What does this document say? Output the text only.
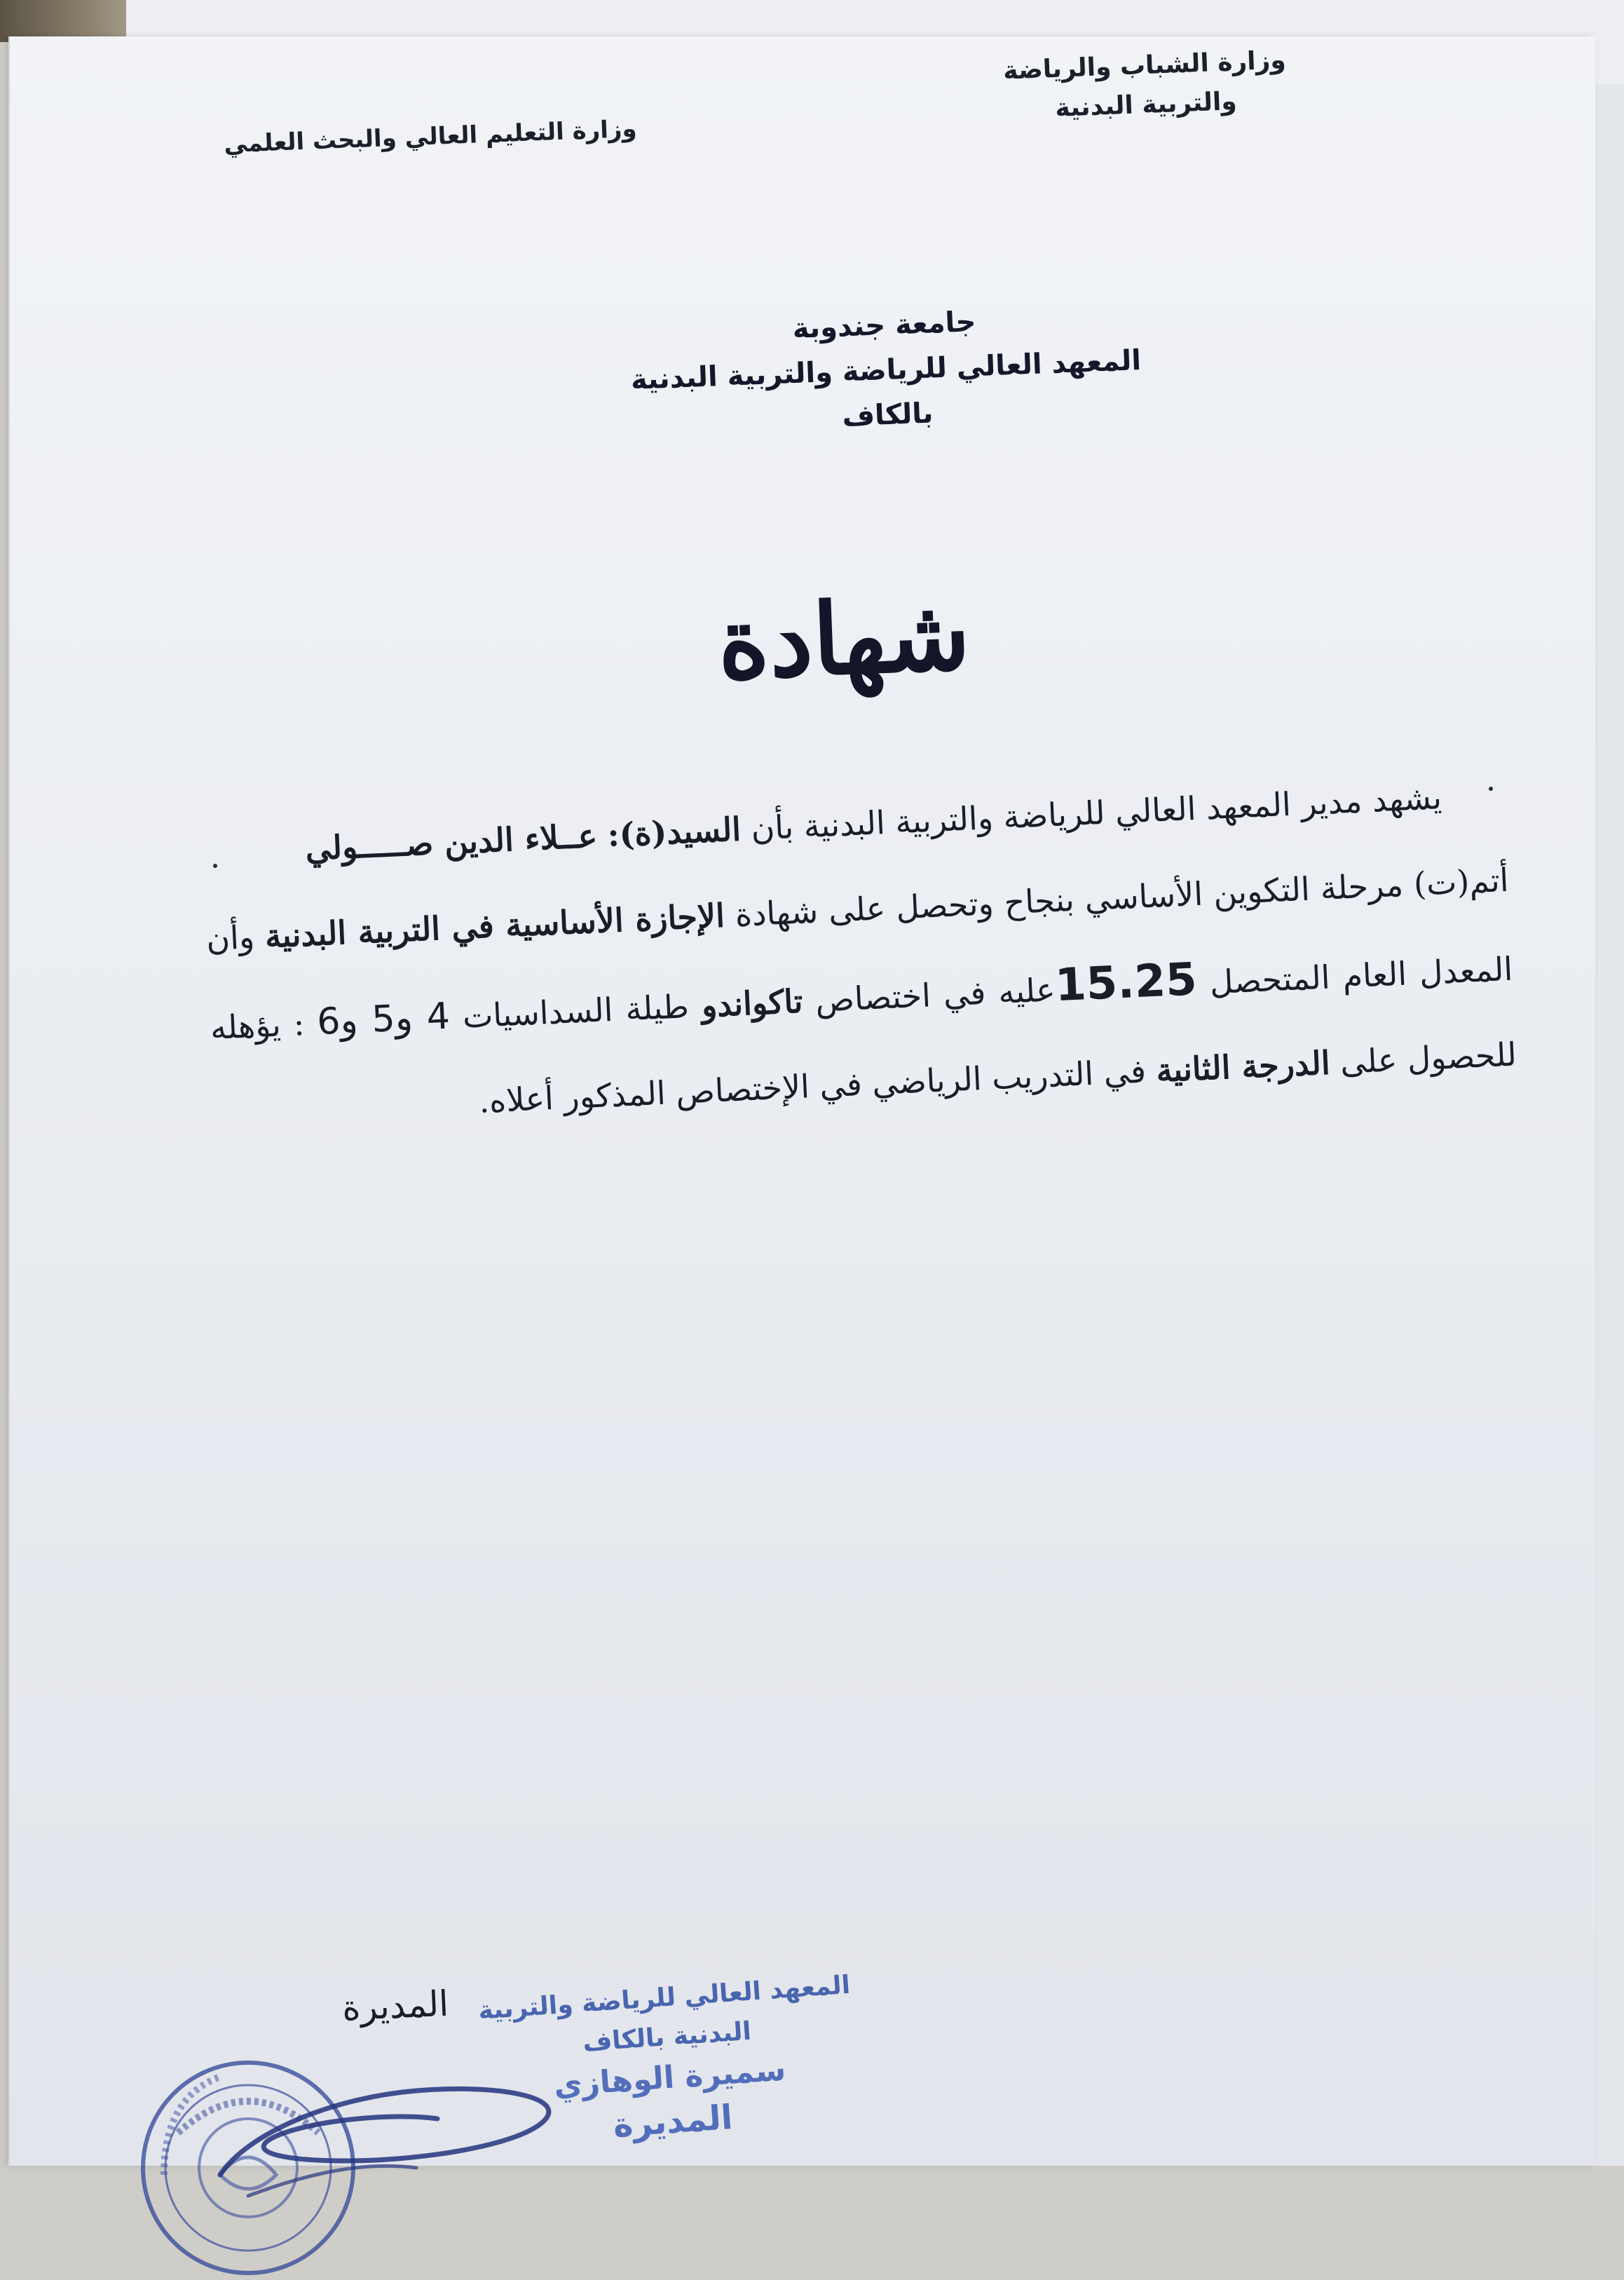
وزارة الشباب والرياضة
والتربية البدنية
وزارة التعليم العالي والبحث العلمي
جامعة جندوبة
المعهد العالي للرياضة والتربية البدنية
بالكاف
شهادة

يشهد مدير المعهد العالي للرياضة والتربية البدنية بأن السيد(ة): عــلاء الدين صـــــولي

أتم(ت) مرحلة التكوين الأساسي بنجاح وتحصل على شهادة الإجازة الأساسية في التربية البدنية وأن المعدل العام المتحصل 15.25عليه في اختصاص تاكواندو طيلة السداسيات 4 و5 و6 : يؤهله للحصول على الدرجة الثانية في التدريب الرياضي في الإختصاص المذكور أعلاه.

المديرة	المعهد العالي للرياضة والتربية البدنية بالكاف
سميرة الوهازي
المديرة
